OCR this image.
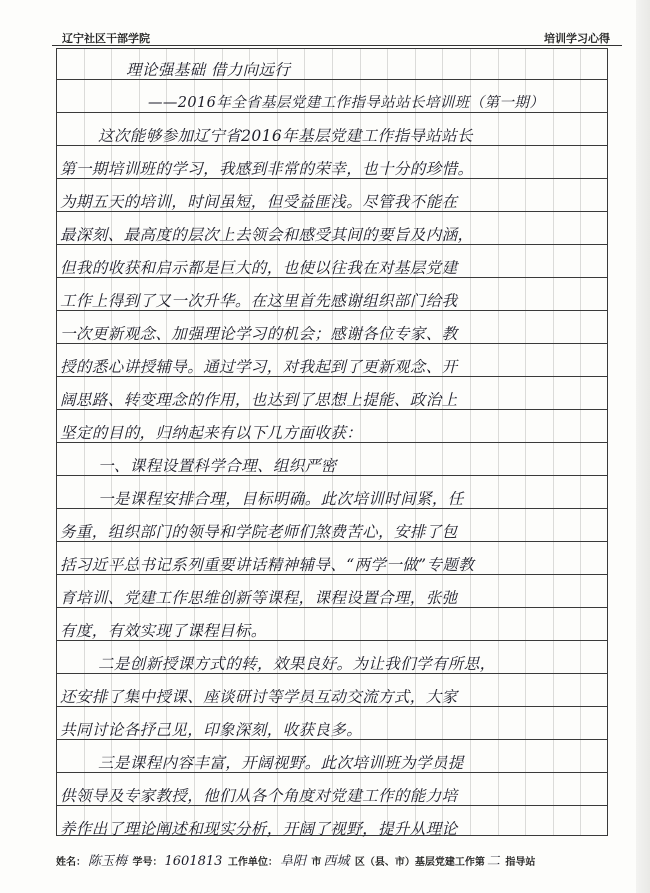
辽宁社区干部学院	培训学习心得
理论强基础 借力向远行
——2016年全省基层党建工作指导站站长培训班（第一期）
这次能够参加辽宁省2016年基层党建工作指导站站长
第一期培训班的学习，我感到非常的荣幸，也十分的珍惜。
为期五天的培训，时间虽短，但受益匪浅。尽管我不能在
最深刻、最高度的层次上去领会和感受其间的要旨及内涵，
但我的收获和启示都是巨大的，也使以往我在对基层党建
工作上得到了又一次升华。在这里首先感谢组织部门给我
一次更新观念、加强理论学习的机会；感谢各位专家、教
授的悉心讲授辅导。通过学习，对我起到了更新观念、开
阔思路、转变理念的作用，也达到了思想上提能、政治上
坚定的目的，归纳起来有以下几方面收获：
一、课程设置科学合理、组织严密
一是课程安排合理，目标明确。此次培训时间紧，任
务重，组织部门的领导和学院老师们煞费苦心，安排了包
括习近平总书记系列重要讲话精神辅导、“两学一做”专题教
育培训、党建工作思维创新等课程，课程设置合理，张弛
有度，有效实现了课程目标。
二是创新授课方式的转，效果良好。为让我们学有所思，
还安排了集中授课、座谈研讨等学员互动交流方式，大家
共同讨论各抒己见，印象深刻，收获良多。
三是课程内容丰富，开阔视野。此次培训班为学员提
供领导及专家教授，他们从各个角度对党建工作的能力培
养作出了理论阐述和现实分析，开阔了视野，提升从理论
姓名： 陈玉梅 学号： 1601813 工作单位： 阜阳 市 西城 区（县、市）基层党建工作第 二 指导站
